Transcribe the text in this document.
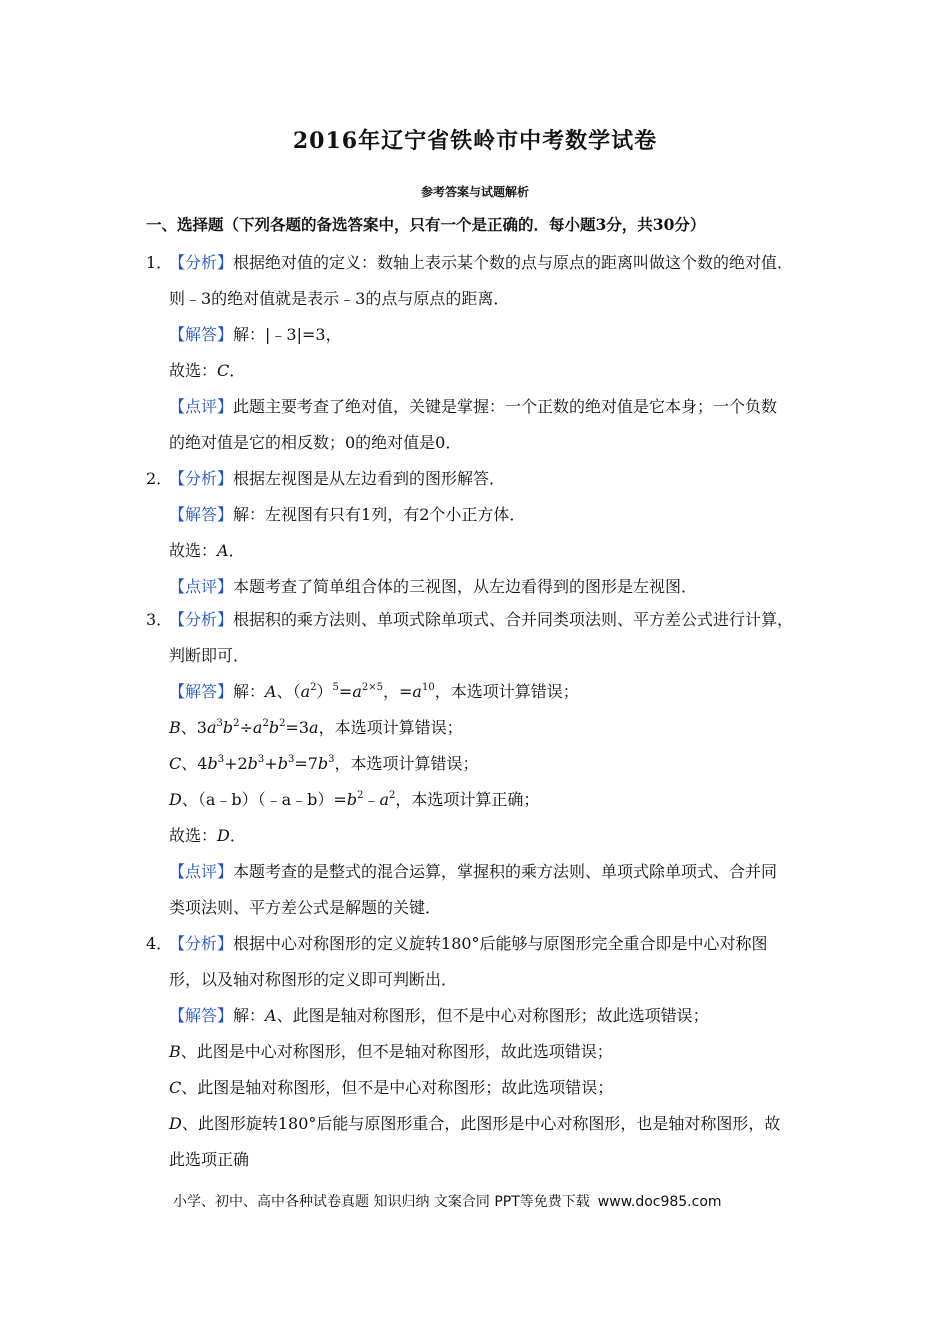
2016年辽宁省铁岭市中考数学试卷
参考答案与试题解析
一、选择题（下列各题的备选答案中，只有一个是正确的．每小题3分，共30分）
1．
【分析】根据绝对值的定义：数轴上表示某个数的点与原点的距离叫做这个数的绝对值．
则﹣3的绝对值就是表示﹣3的点与原点的距离．
【解答】解：|﹣3|=3，
故选：C．
【点评】此题主要考查了绝对值，关键是掌握：一个正数的绝对值是它本身；一个负数
的绝对值是它的相反数；0的绝对值是0．
2．
【分析】根据左视图是从左边看到的图形解答．
【解答】解：左视图有只有1列，有2个小正方体．
故选：A．
【点评】本题考查了简单组合体的三视图，从左边看得到的图形是左视图．
3．
【分析】根据积的乘方法则、单项式除单项式、合并同类项法则、平方差公式进行计算，
判断即可．
【解答】解：A、$(a^2)^5=a^{2\times 5}$，$=a^{10}$，本选项计算错误；
B、$3a^3b^2\div a^2b^2=3a$，本选项计算错误；
C、$4b^3+2b^3+b^3=7b^3$，本选项计算错误；
D、$(a﹣b)(﹣a﹣b)=b^2﹣a^2$，本选项计算正确；
故选：D．
【点评】本题考查的是整式的混合运算，掌握积的乘方法则、单项式除单项式、合并同
类项法则、平方差公式是解题的关键．
4．
【分析】根据中心对称图形的定义旋转180°后能够与原图形完全重合即是中心对称图
形，以及轴对称图形的定义即可判断出．
【解答】解：A、此图是轴对称图形，但不是中心对称图形；故此选项错误；
B、此图是中心对称图形，但不是轴对称图形，故此选项错误；
C、此图是轴对称图形，但不是中心对称图形；故此选项错误；
D、此图形旋转180°后能与原图形重合，此图形是中心对称图形，也是轴对称图形，故
此选项正确
小学、初中、高中各种试卷真题 知识归纳 文案合同 PPT等免费下载 www.doc985.com
